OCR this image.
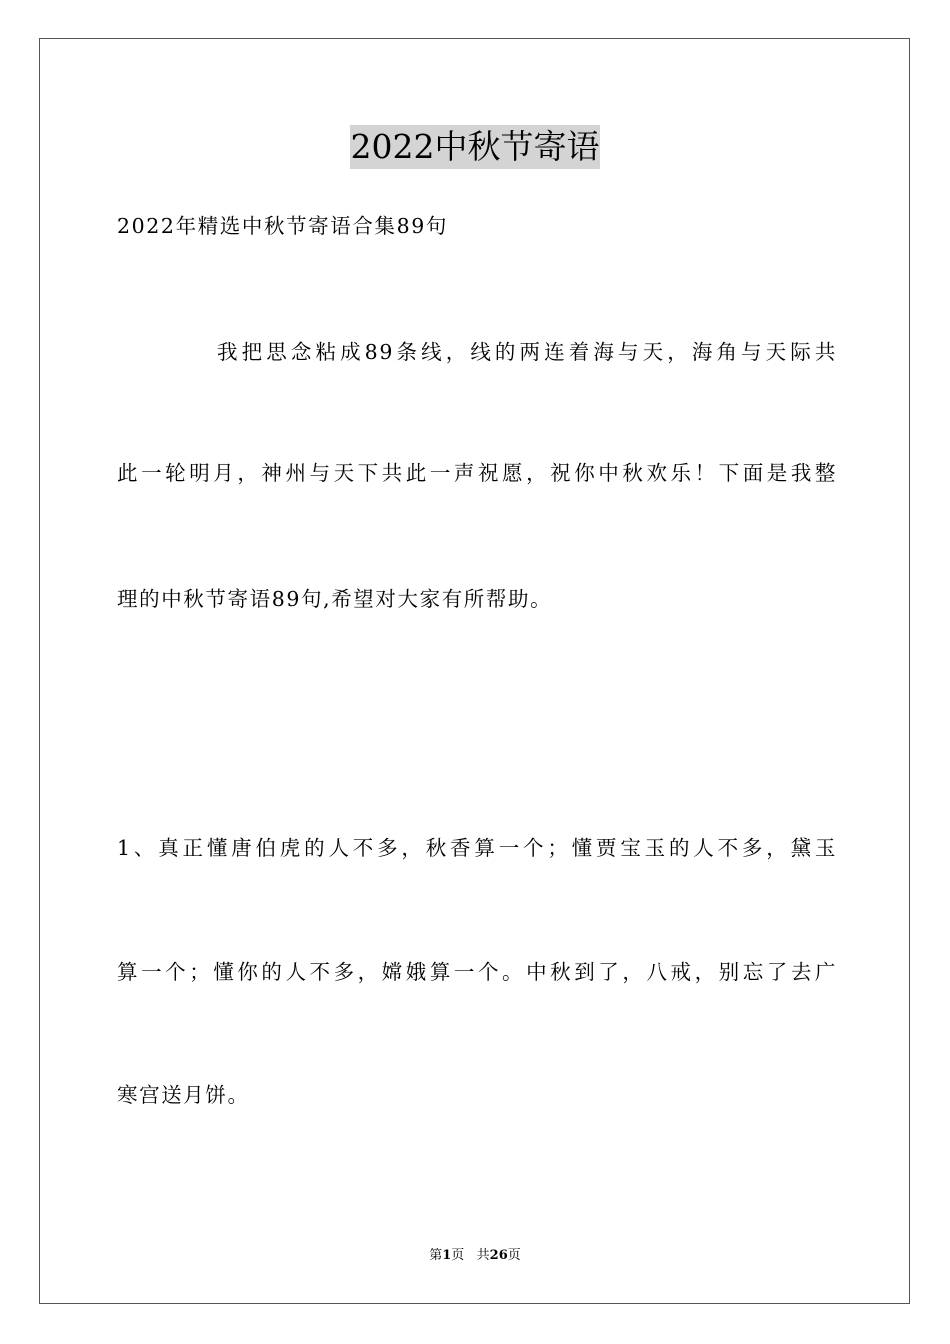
2022中秋节寄语
2022年精选中秋节寄语合集89句
我把思念粘成89条线，线的两连着海与天，海角与天际共
此一轮明月，神州与天下共此一声祝愿，祝你中秋欢乐！下面是我整
理的中秋节寄语89句,希望对大家有所帮助。
1、真正懂唐伯虎的人不多，秋香算一个；懂贾宝玉的人不多，黛玉
算一个；懂你的人不多，嫦娥算一个。中秋到了，八戒，别忘了去广
寒宫送月饼。
第1页   共26页
